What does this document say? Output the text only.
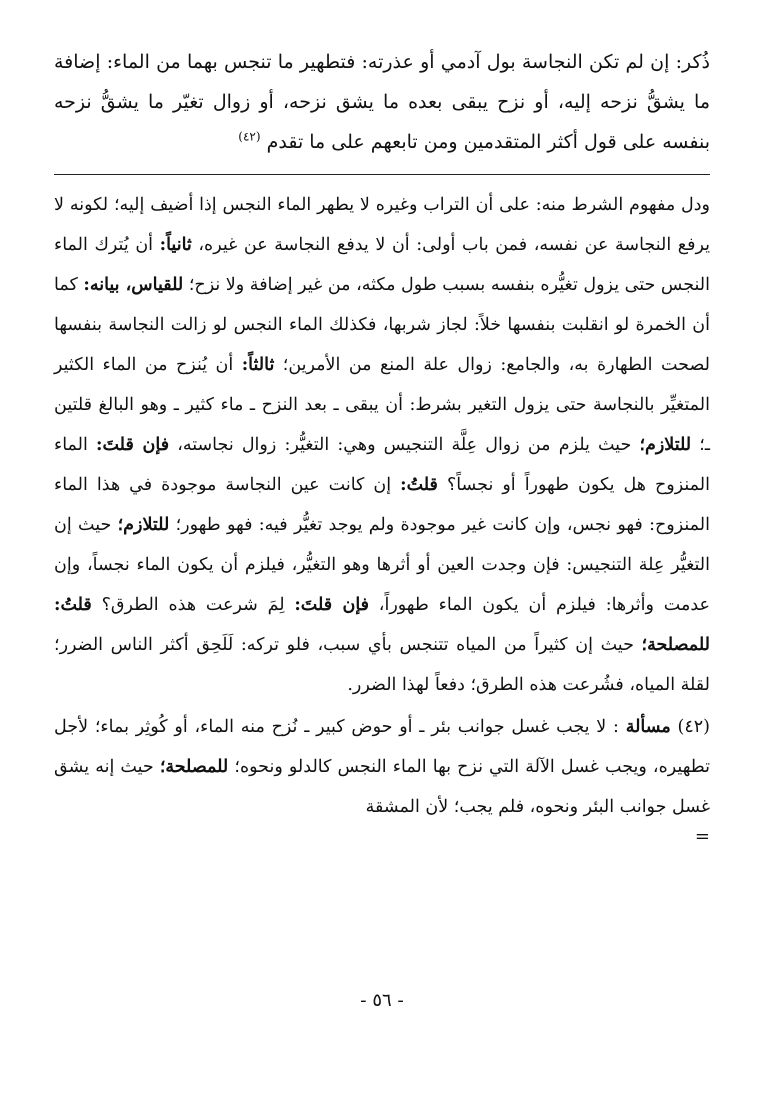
ذُكر: إن لم تكن النجاسة بول آدمي أو عذرته: فتطهير ما تنجس بهما من الماء: إضافة ما يشقُّ نزحه إليه، أو نزح يبقى بعده ما يشق نزحه، أو زوال تغيّر ما يشقُّ نزحه بنفسه على قول أكثر المتقدمين ومن تابعهم على ما تقدم $^{(٤٢)}$

ودل مفهوم الشرط منه: على أن التراب وغيره لا يطهر الماء النجس إذا أضيف إليه؛ لكونه لا يرفع النجاسة عن نفسه، فمن باب أولى: أن لا يدفع النجاسة عن غيره، ثانياً: أن يُترك الماء النجس حتى يزول تغيُّره بنفسه بسبب طول مكثه، من غير إضافة ولا نزح؛ للقياس، بيانه: كما أن الخمرة لو انقلبت بنفسها خلاً: لجاز شربها، فكذلك الماء النجس لو زالت النجاسة بنفسها لصحت الطهارة به، والجامع: زوال علة المنع من الأمرين؛ ثالثاً: أن يُنزح من الماء الكثير المتغيِّر بالنجاسة حتى يزول التغير بشرط: أن يبقى ـ بعد النزح ـ ماء كثير ـ وهو البالغ قلتين ـ؛ للتلازم؛ حيث يلزم من زوال عِلَّة التنجيس وهي: التغيُّر: زوال نجاسته، فإن قلتَ: الماء المنزوح هل يكون طهوراً أو نجساً؟ قلتُ: إن كانت عين النجاسة موجودة في هذا الماء المنزوح: فهو نجس، وإن كانت غير موجودة ولم يوجد تغيُّر فيه: فهو طهور؛ للتلازم؛ حيث إن التغيُّر عِلة التنجيس: فإن وجدت العين أو أثرها وهو التغيُّر، فيلزم أن يكون الماء نجساً، وإن عدمت وأثرها: فيلزم أن يكون الماء طهوراً، فإن قلتَ: لِمَ شرعت هذه الطرق؟ قلتُ: للمصلحة؛ حيث إن كثيراً من المياه تتنجس بأي سبب، فلو تركه: لَلَحِق أكثر الناس الضرر؛ لقلة المياه، فشُرعت هذه الطرق؛ دفعاً لهذا الضرر.

(٤٢) مسألة : لا يجب غسل جوانب بئر ـ أو حوض كبير ـ نُزح منه الماء، أو كُوثِر بماء؛ لأجل تطهيره، ويجب غسل الآلة التي نزح بها الماء النجس كالدلو ونحوه؛ للمصلحة؛ حيث إنه يشق غسل جوانب البئر ونحوه، فلم يجب؛ لأن المشقة

=

- ٥٦ -
